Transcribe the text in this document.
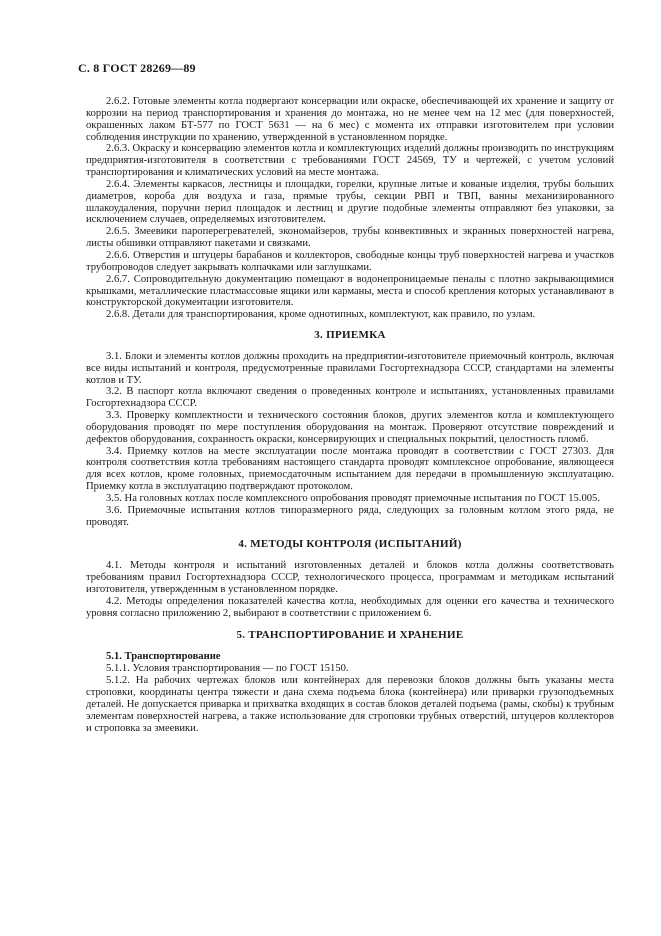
С. 8 ГОСТ 28269—89

2.6.2. Готовые элементы котла подвергают консервации или окраске, обеспечивающей их хранение и защиту от коррозии на период транспортирования и хранения до монтажа, но не менее чем на 12 мес (для поверхностей, окрашенных лаком БТ-577 по ГОСТ 5631 — на 6 мес) с момента их отправки изготовителем при условии соблюдения инструкции по хранению, утвержденной в установленном порядке.

2.6.3. Окраску и консервацию элементов котла и комплектующих изделий должны производить по инструкциям предприятия-изготовителя в соответствии с требованиями ГОСТ 24569, ТУ и чертежей, с учетом условий транспортирования и климатических условий на месте монтажа.

2.6.4. Элементы каркасов, лестницы и площадки, горелки, крупные литые и кованые изделия, трубы больших диаметров, короба для воздуха и газа, прямые трубы, секции РВП и ТВП, ванны механизированного шлакоудаления, поручни перил площадок и лестниц и другие подобные элементы отправляют без упаковки, за исключением случаев, определяемых изготовителем.

2.6.5. Змеевики пароперегревателей, экономайзеров, трубы конвективных и экранных поверхностей нагрева, листы обшивки отправляют пакетами и связками.

2.6.6. Отверстия и штуцеры барабанов и коллекторов, свободные концы труб поверхностей нагрева и участков трубопроводов следует закрывать колпачками или заглушками.

2.6.7. Сопроводительную документацию помещают в водонепроницаемые пеналы с плотно закрывающимися крышками, металлические пластмассовые ящики или карманы, места и способ крепления которых устанавливают в конструкторской документации изготовителя.

2.6.8. Детали для транспортирования, кроме однотипных, комплектуют, как правило, по узлам.

3. ПРИЕМКА

3.1. Блоки и элементы котлов должны проходить на предприятии-изготовителе приемочный контроль, включая все виды испытаний и контроля, предусмотренные правилами Госгортехнадзора СССР, стандартами на элементы котлов и ТУ.

3.2. В паспорт котла включают сведения о проведенных контроле и испытаниях, установленных правилами Госгортехнадзора СССР.

3.3. Проверку комплектности и технического состояния блоков, других элементов котла и комплектующего оборудования проводят по мере поступления оборудования на монтаж. Проверяют отсутствие повреждений и дефектов оборудования, сохранность окраски, консервирующих и специальных покрытий, целостность пломб.

3.4. Приемку котлов на месте эксплуатации после монтажа проводят в соответствии с ГОСТ 27303. Для контроля соответствия котла требованиям настоящего стандарта проводят комплексное опробование, являющееся для всех котлов, кроме головных, приемосдаточным испытанием для передачи в промышленную эксплуатацию. Приемку котла в эксплуатацию подтверждают протоколом.

3.5. На головных котлах после комплексного опробования проводят приемочные испытания по ГОСТ 15.005.

3.6. Приемочные испытания котлов типоразмерного ряда, следующих за головным котлом этого ряда, не проводят.

4. МЕТОДЫ КОНТРОЛЯ (ИСПЫТАНИЙ)

4.1. Методы контроля и испытаний изготовленных деталей и блоков котла должны соответствовать требованиям правил Госгортехнадзора СССР, технологического процесса, программам и методикам испытаний изготовителя, утвержденным в установленном порядке.

4.2. Методы определения показателей качества котла, необходимых для оценки его качества и технического уровня согласно приложению 2, выбирают в соответствии с приложением 6.

5. ТРАНСПОРТИРОВАНИЕ И ХРАНЕНИЕ

5.1. Транспортирование

5.1.1. Условия транспортирования — по ГОСТ 15150.

5.1.2. На рабочих чертежах блоков или контейнерах для перевозки блоков должны быть указаны места строповки, координаты центра тяжести и дана схема подъема блока (контейнера) или приварки грузоподъемных деталей. Не допускается приварка и прихватка входящих в состав блоков деталей подъема (рамы, скобы) к трубным элементам поверхностей нагрева, а также использование для строповки трубных отверстий, штуцеров коллекторов и строповка за змеевики.
